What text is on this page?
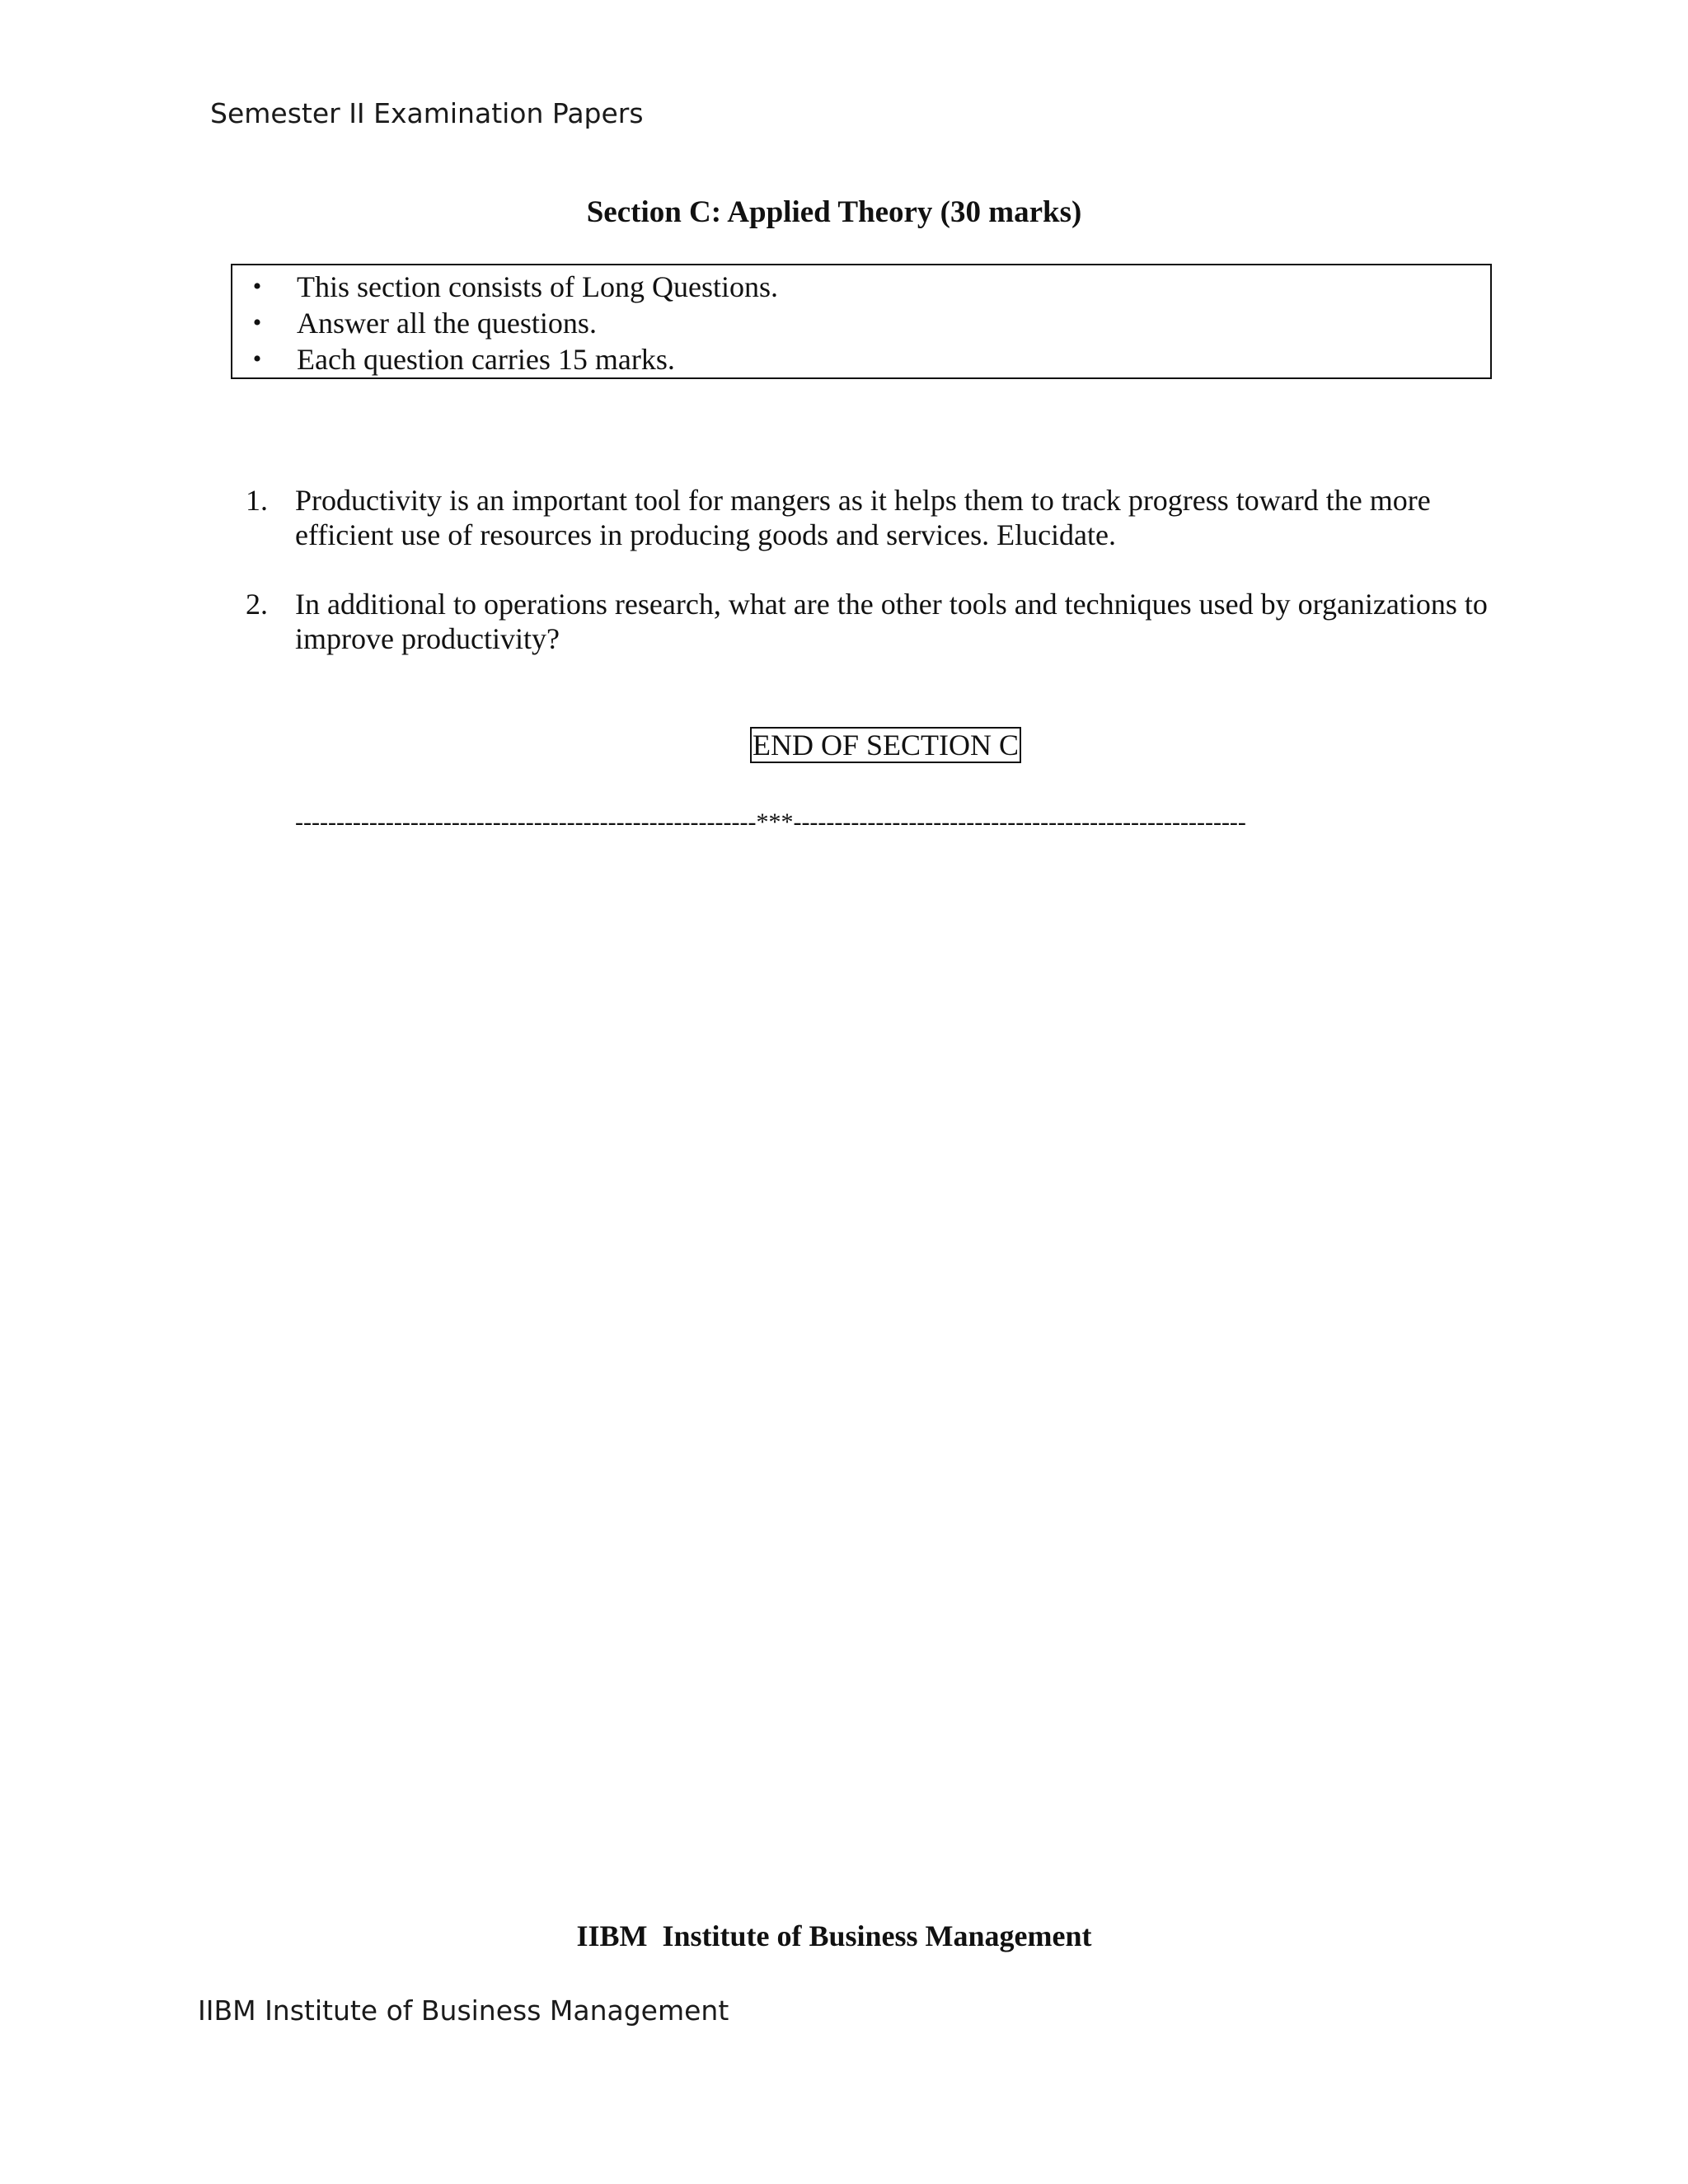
Semester II Examination Papers
Section C: Applied Theory (30 marks)
•	This section consists of Long Questions.
•	Answer all the questions.
•	Each question carries 15 marks.
1. Productivity is an important tool for mangers as it helps them to track progress toward the more efficient use of resources in producing goods and services. Elucidate.
2. In additional to operations research, what are the other tools and techniques used by organizations to improve productivity?
END OF SECTION C
--------------------------------------------------------***-------------------------------------------------------
IIBM  Institute of Business Management
IIBM Institute of Business Management
